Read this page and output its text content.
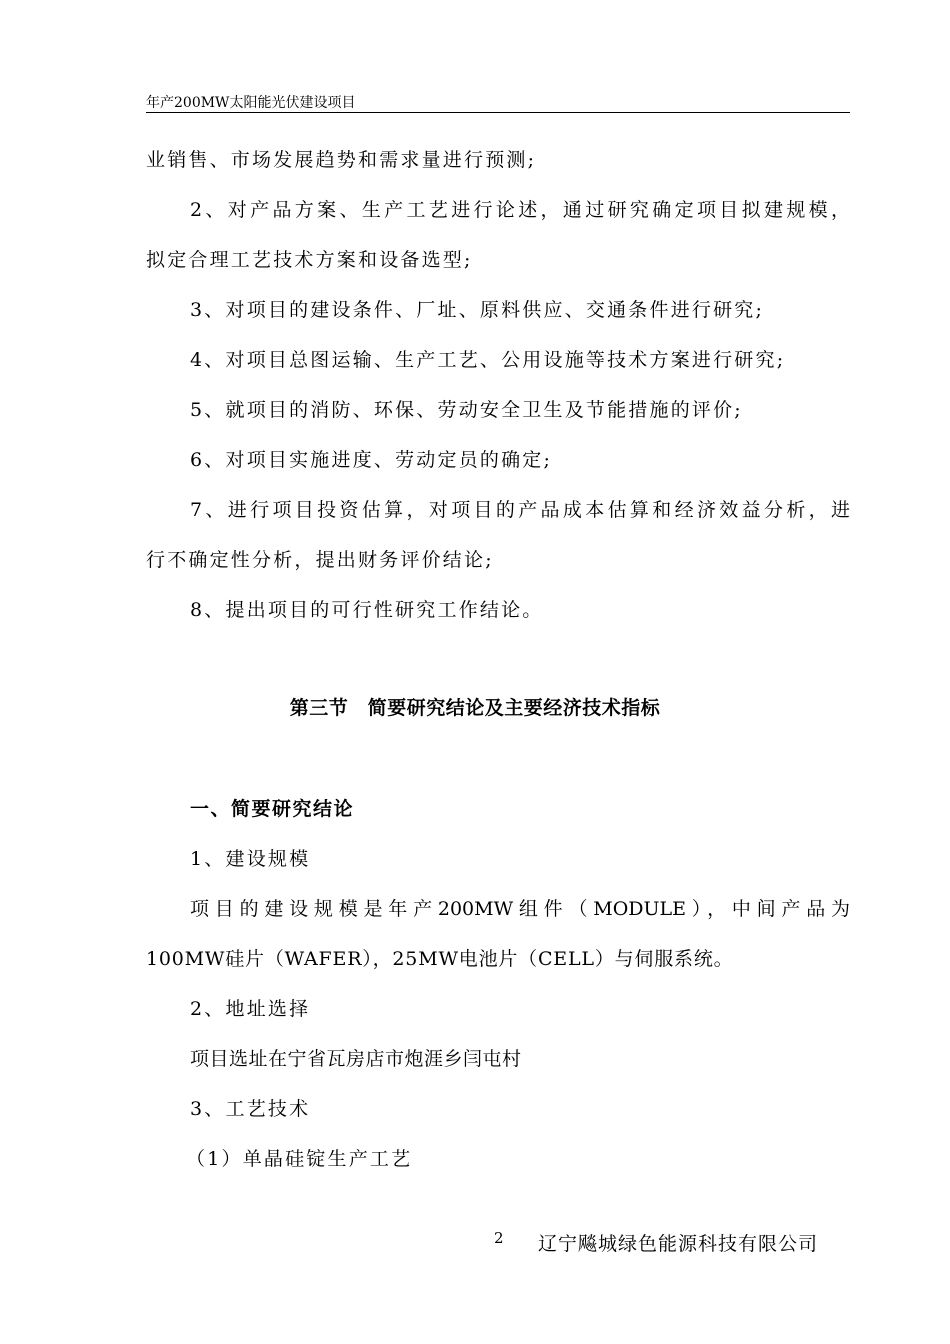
年产200MW太阳能光伏建设项目
业销售、市场发展趋势和需求量进行预测;
2、对产品方案、生产工艺进行论述，通过研究确定项目拟建规模，
拟定合理工艺技术方案和设备选型;
3、对项目的建设条件、厂址、原料供应、交通条件进行研究;
4、对项目总图运输、生产工艺、公用设施等技术方案进行研究;
5、就项目的消防、环保、劳动安全卫生及节能措施的评价;
6、对项目实施进度、劳动定员的确定;
7、进行项目投资估算，对项目的产品成本估算和经济效益分析，进
行不确定性分析，提出财务评价结论;
8、提出项目的可行性研究工作结论。
第三节　简要研究结论及主要经济技术指标
一、简要研究结论
1、建设规模
项目的建设规模是年产200MW组件（MODULE），中间产品为
100MW硅片（WAFER），25MW电池片（CELL）与伺服系统。
2、地址选择
项目选址在宁省瓦房店市炮涯乡闫屯村
3、工艺技术
（1）单晶硅锭生产工艺
2 辽宁飚城绿色能源科技有限公司
